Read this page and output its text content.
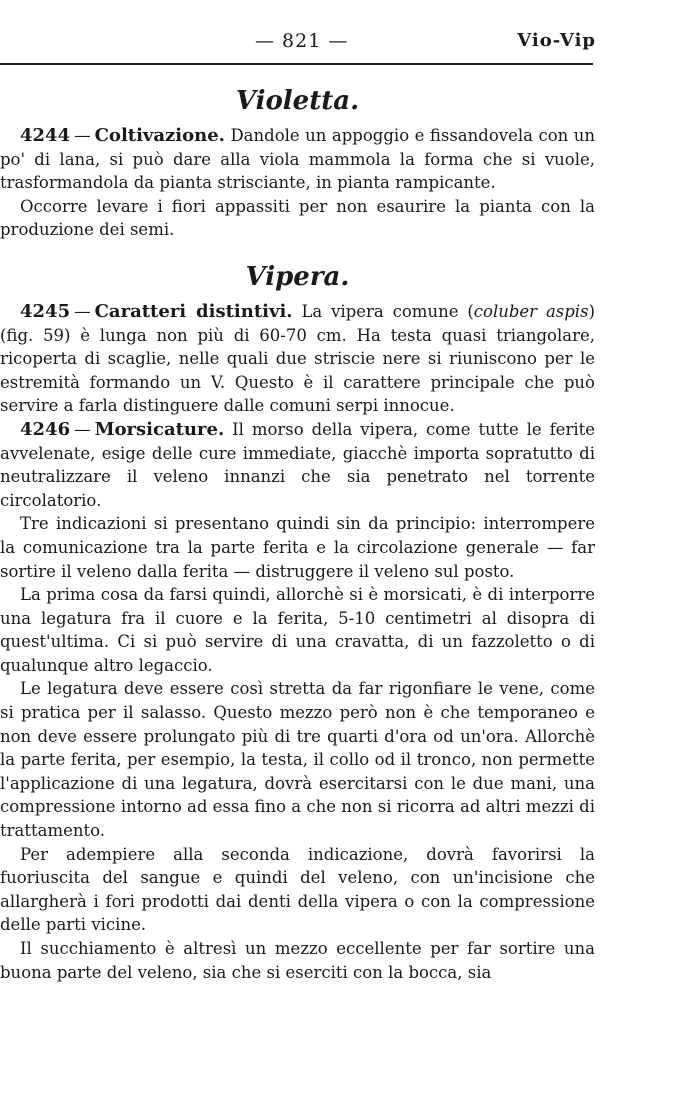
— 821 —	Vio-Vip
Violetta.

4244 — Coltivazione. Dandole un appoggio e fissandovela con un po' di lana, si può dare alla viola mammola la forma che si vuole, trasformandola da pianta strisciante, in pianta rampicante.

Occorre levare i fiori appassiti per non esaurire la pianta con la produzione dei semi.

Vipera.

4245 — Caratteri distintivi. La vipera comune (coluber aspis) (fig. 59) è lunga non più di 60-70 cm. Ha testa quasi triangolare, ricoperta di scaglie, nelle quali due striscie nere si riuniscono per le estremità formando un V. Questo è il carattere principale che può servire a farla distinguere dalle comuni serpi innocue.

4246 — Morsicature. Il morso della vipera, come tutte le ferite avvelenate, esige delle cure immediate, giacchè importa sopratutto di neutralizzare il veleno innanzi che sia penetrato nel torrente circolatorio.

Tre indicazioni si presentano quindi sin da principio: interrompere la comunicazione tra la parte ferita e la circolazione generale — far sortire il veleno dalla ferita — distruggere il veleno sul posto.

La prima cosa da farsi quindi, allorchè si è morsicati, è di interporre una legatura fra il cuore e la ferita, 5-10 centimetri al disopra di quest'ultima. Ci si può servire di una cravatta, di un fazzoletto o di qualunque altro legaccio.

Le legatura deve essere così stretta da far rigonfiare le vene, come si pratica per il salasso. Questo mezzo però non è che temporaneo e non deve essere prolungato più di tre quarti d'ora od un'ora. Allorchè la parte ferita, per esempio, la testa, il collo od il tronco, non permette l'applicazione di una legatura, dovrà esercitarsi con le due mani, una compressione intorno ad essa fino a che non si ricorra ad altri mezzi di trattamento.

Per adempiere alla seconda indicazione, dovrà favorirsi la fuoriuscita del sangue e quindi del veleno, con un'incisione che allargherà i fori prodotti dai denti della vipera o con la compressione delle parti vicine.

Il succhiamento è altresì un mezzo eccellente per far sortire una buona parte del veleno, sia che si eserciti con la bocca, sia
